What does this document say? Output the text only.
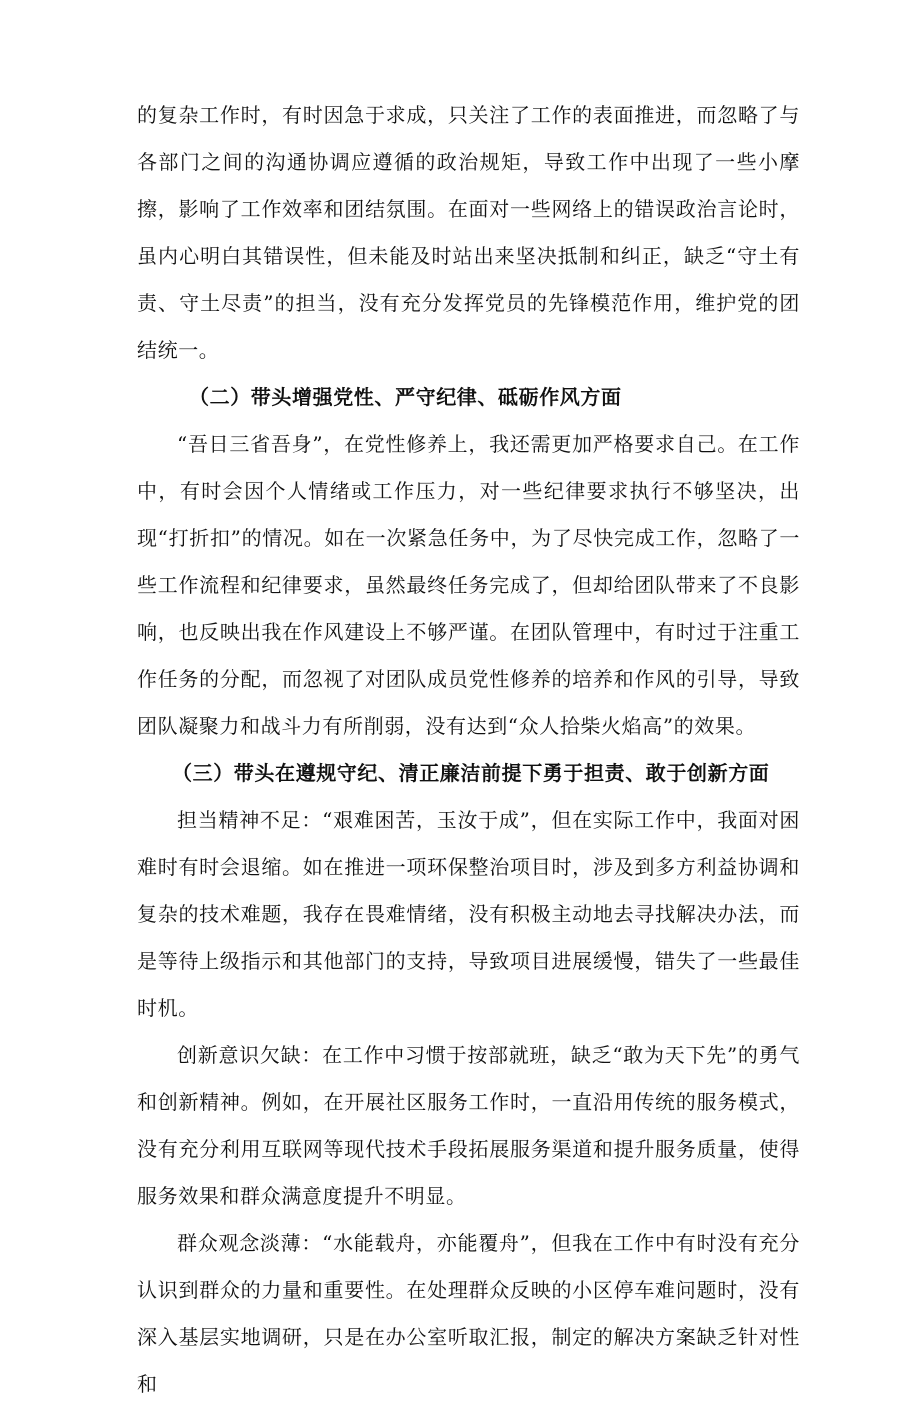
的复杂工作时，有时因急于求成，只关注了工作的表面推进，而忽略了与各部门之间的沟通协调应遵循的政治规矩，导致工作中出现了一些小摩擦，影响了工作效率和团结氛围。在面对一些网络上的错误政治言论时，虽内心明白其错误性，但未能及时站出来坚决抵制和纠正，缺乏“守土有责、守土尽责”的担当，没有充分发挥党员的先锋模范作用，维护党的团结统一。

（二）带头增强党性、严守纪律、砥砺作风方面

“吾日三省吾身”，在党性修养上，我还需更加严格要求自己。在工作中，有时会因个人情绪或工作压力，对一些纪律要求执行不够坚决，出现“打折扣”的情况。如在一次紧急任务中，为了尽快完成工作，忽略了一些工作流程和纪律要求，虽然最终任务完成了，但却给团队带来了不良影响，也反映出我在作风建设上不够严谨。在团队管理中，有时过于注重工作任务的分配，而忽视了对团队成员党性修养的培养和作风的引导，导致团队凝聚力和战斗力有所削弱，没有达到“众人拾柴火焰高”的效果。

（三）带头在遵规守纪、清正廉洁前提下勇于担责、敢于创新方面

担当精神不足：“艰难困苦，玉汝于成”，但在实际工作中，我面对困难时有时会退缩。如在推进一项环保整治项目时，涉及到多方利益协调和复杂的技术难题，我存在畏难情绪，没有积极主动地去寻找解决办法，而是等待上级指示和其他部门的支持，导致项目进展缓慢，错失了一些最佳时机。

创新意识欠缺：在工作中习惯于按部就班，缺乏“敢为天下先”的勇气和创新精神。例如，在开展社区服务工作时，一直沿用传统的服务模式，没有充分利用互联网等现代技术手段拓展服务渠道和提升服务质量，使得服务效果和群众满意度提升不明显。

群众观念淡薄：“水能载舟，亦能覆舟”，但我在工作中有时没有充分认识到群众的力量和重要性。在处理群众反映的小区停车难问题时，没有深入基层实地调研，只是在办公室听取汇报，制定的解决方案缺乏针对性和
